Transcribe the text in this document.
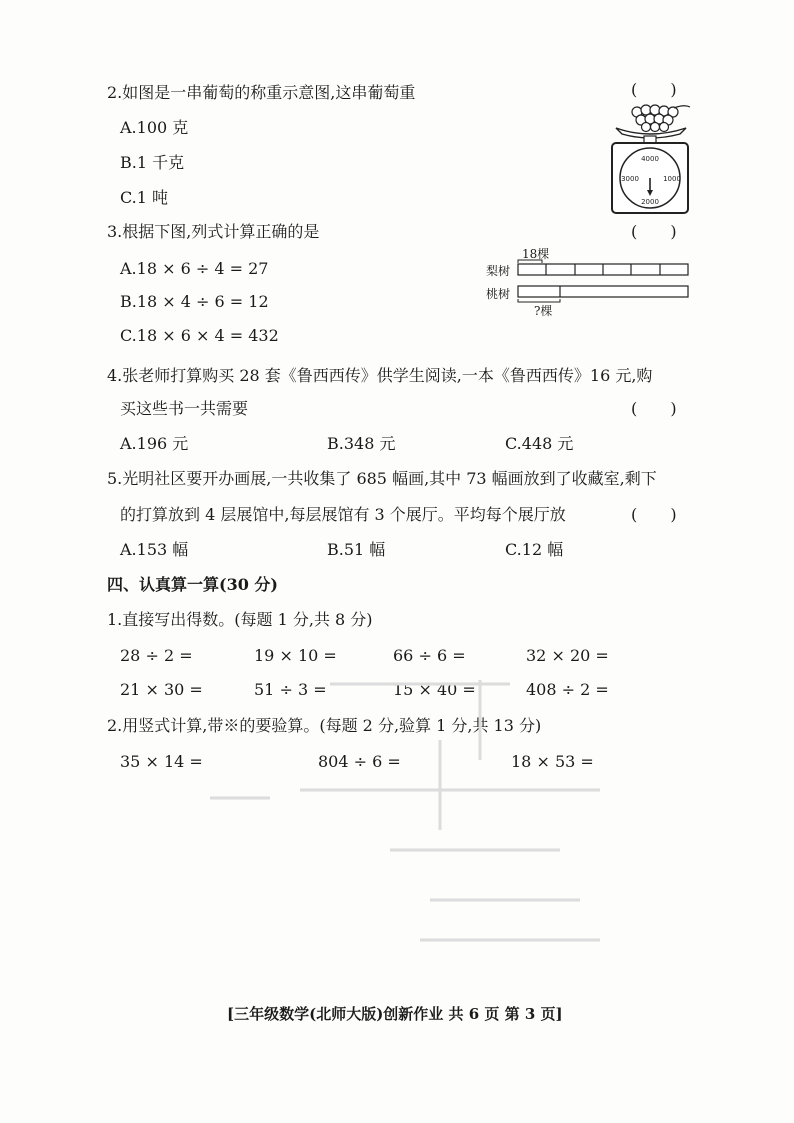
2.如图是一串葡萄的称重示意图,这串葡萄重	( )
A.100 克
B.1 千克
C.1 吨
4000
3000	1000
2000
3.根据下图,列式计算正确的是	( )
A.18 × 6 ÷ 4 = 27
B.18 × 4 ÷ 6 = 12
C.18 × 6 × 4 = 432
18棵
梨树
桃树
?棵
4.张老师打算购买 28 套《鲁西西传》供学生阅读,一本《鲁西西传》16 元,购
买这些书一共需要	( )
A.196 元	B.348 元	C.448 元
5.光明社区要开办画展,一共收集了 685 幅画,其中 73 幅画放到了收藏室,剩下
的打算放到 4 层展馆中,每层展馆有 3 个展厅。平均每个展厅放	( )
A.153 幅	B.51 幅	C.12 幅
四、认真算一算(30 分)
1.直接写出得数。(每题 1 分,共 8 分)
28 ÷ 2 =	19 × 10 =	66 ÷ 6 =	32 × 20 =
21 × 30 =	51 ÷ 3 =	15 × 40 =	408 ÷ 2 =
2.用竖式计算,带※的要验算。(每题 2 分,验算 1 分,共 13 分)
35 × 14 =	804 ÷ 6 =	18 × 53 =
[三年级数学(北师大版)创新作业 共 6 页 第 3 页]
